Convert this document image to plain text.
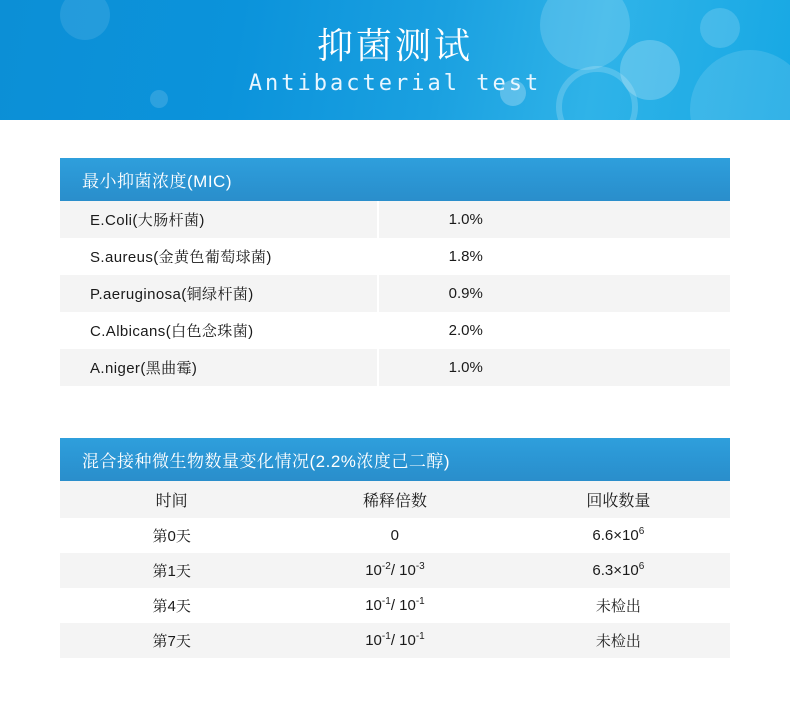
抑菌测试
Antibacterial test
最小抑菌浓度(MIC)
E.Coli(大肠杆菌)	1.0%
S.aureus(金黄色葡萄球菌)	1.8%
P.aeruginosa(铜绿杆菌)	0.9%
C.Albicans(白色念珠菌)	2.0%
A.niger(黑曲霉)	1.0%
混合接种微生物数量变化情况(2.2%浓度己二醇)
时间	稀释倍数	回收数量
第0天	0	$6.6\times 10^6$
第1天	$10^{-2}/$ $10^{-3}$	$6.3\times 10^6$
第4天	$10^{-1}/$ $10^{-1}$	未检出
第7天	$10^{-1}/$ $10^{-1}$	未检出
